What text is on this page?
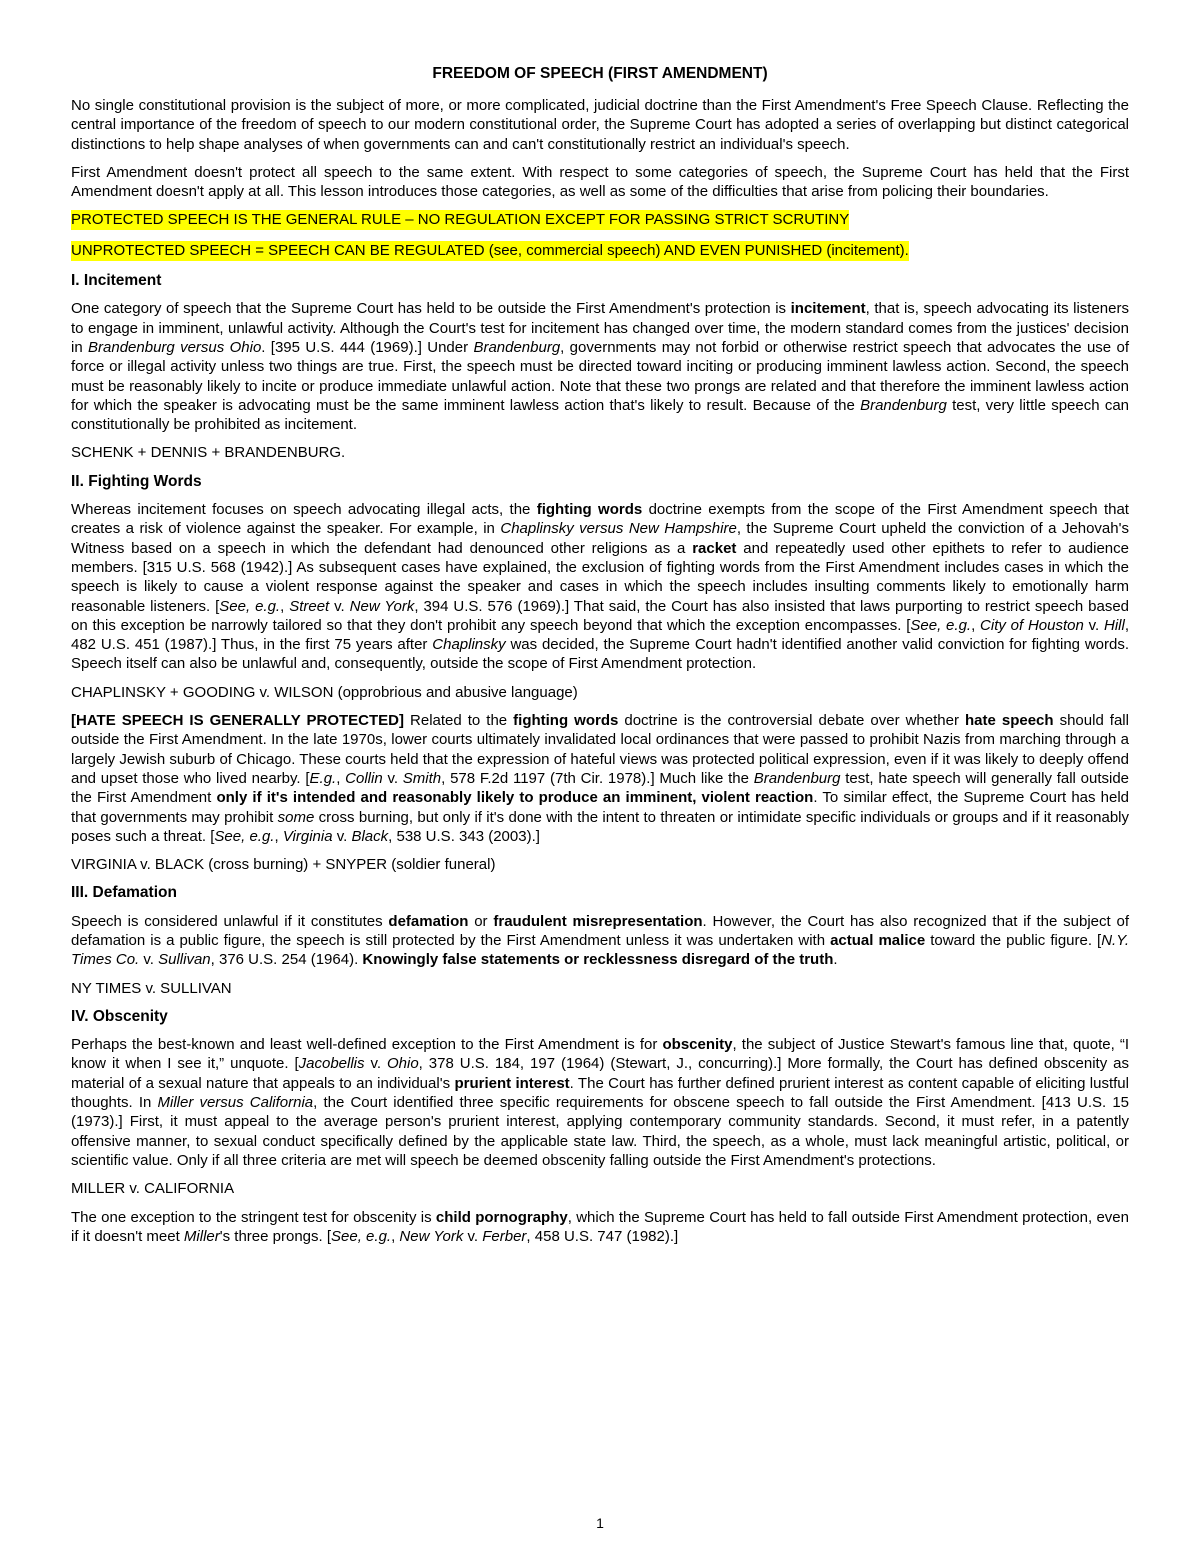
FREEDOM OF SPEECH (FIRST AMENDMENT)
No single constitutional provision is the subject of more, or more complicated, judicial doctrine than the First Amendment's Free Speech Clause. Reflecting the central importance of the freedom of speech to our modern constitutional order, the Supreme Court has adopted a series of overlapping but distinct categorical distinctions to help shape analyses of when governments can and can't constitutionally restrict an individual's speech.
First Amendment doesn't protect all speech to the same extent. With respect to some categories of speech, the Supreme Court has held that the First Amendment doesn't apply at all. This lesson introduces those categories, as well as some of the difficulties that arise from policing their boundaries.
PROTECTED SPEECH IS THE GENERAL RULE – NO REGULATION EXCEPT FOR PASSING STRICT SCRUTINY
UNPROTECTED SPEECH = SPEECH CAN BE REGULATED (see, commercial speech) AND EVEN PUNISHED (incitement).
I. Incitement
One category of speech that the Supreme Court has held to be outside the First Amendment's protection is incitement, that is, speech advocating its listeners to engage in imminent, unlawful activity. Although the Court's test for incitement has changed over time, the modern standard comes from the justices' decision in Brandenburg versus Ohio. [395 U.S. 444 (1969).] Under Brandenburg, governments may not forbid or otherwise restrict speech that advocates the use of force or illegal activity unless two things are true. First, the speech must be directed toward inciting or producing imminent lawless action. Second, the speech must be reasonably likely to incite or produce immediate unlawful action. Note that these two prongs are related and that therefore the imminent lawless action for which the speaker is advocating must be the same imminent lawless action that's likely to result. Because of the Brandenburg test, very little speech can constitutionally be prohibited as incitement.
SCHENK + DENNIS + BRANDENBURG.
II. Fighting Words
Whereas incitement focuses on speech advocating illegal acts, the fighting words doctrine exempts from the scope of the First Amendment speech that creates a risk of violence against the speaker. For example, in Chaplinsky versus New Hampshire, the Supreme Court upheld the conviction of a Jehovah's Witness based on a speech in which the defendant had denounced other religions as a racket and repeatedly used other epithets to refer to audience members. [315 U.S. 568 (1942).] As subsequent cases have explained, the exclusion of fighting words from the First Amendment includes cases in which the speech is likely to cause a violent response against the speaker and cases in which the speech includes insulting comments likely to emotionally harm reasonable listeners. [See, e.g., Street v. New York, 394 U.S. 576 (1969).] That said, the Court has also insisted that laws purporting to restrict speech based on this exception be narrowly tailored so that they don't prohibit any speech beyond that which the exception encompasses. [See, e.g., City of Houston v. Hill, 482 U.S. 451 (1987).] Thus, in the first 75 years after Chaplinsky was decided, the Supreme Court hadn't identified another valid conviction for fighting words. Speech itself can also be unlawful and, consequently, outside the scope of First Amendment protection.
CHAPLINSKY + GOODING v. WILSON (opprobrious and abusive language)
[HATE SPEECH IS GENERALLY PROTECTED] Related to the fighting words doctrine is the controversial debate over whether hate speech should fall outside the First Amendment. In the late 1970s, lower courts ultimately invalidated local ordinances that were passed to prohibit Nazis from marching through a largely Jewish suburb of Chicago. These courts held that the expression of hateful views was protected political expression, even if it was likely to deeply offend and upset those who lived nearby. [E.g., Collin v. Smith, 578 F.2d 1197 (7th Cir. 1978).] Much like the Brandenburg test, hate speech will generally fall outside the First Amendment only if it's intended and reasonably likely to produce an imminent, violent reaction. To similar effect, the Supreme Court has held that governments may prohibit some cross burning, but only if it's done with the intent to threaten or intimidate specific individuals or groups and if it reasonably poses such a threat. [See, e.g., Virginia v. Black, 538 U.S. 343 (2003).]
VIRGINIA v. BLACK (cross burning) + SNYPER (soldier funeral)
III. Defamation
Speech is considered unlawful if it constitutes defamation or fraudulent misrepresentation. However, the Court has also recognized that if the subject of defamation is a public figure, the speech is still protected by the First Amendment unless it was undertaken with actual malice toward the public figure. [N.Y. Times Co. v. Sullivan, 376 U.S. 254 (1964). Knowingly false statements or recklessness disregard of the truth.
NY TIMES v. SULLIVAN
IV. Obscenity
Perhaps the best-known and least well-defined exception to the First Amendment is for obscenity, the subject of Justice Stewart's famous line that, quote, “I know it when I see it,” unquote. [Jacobellis v. Ohio, 378 U.S. 184, 197 (1964) (Stewart, J., concurring).] More formally, the Court has defined obscenity as material of a sexual nature that appeals to an individual's prurient interest. The Court has further defined prurient interest as content capable of eliciting lustful thoughts. In Miller versus California, the Court identified three specific requirements for obscene speech to fall outside the First Amendment. [413 U.S. 15 (1973).] First, it must appeal to the average person's prurient interest, applying contemporary community standards. Second, it must refer, in a patently offensive manner, to sexual conduct specifically defined by the applicable state law. Third, the speech, as a whole, must lack meaningful artistic, political, or scientific value. Only if all three criteria are met will speech be deemed obscenity falling outside the First Amendment's protections.
MILLER v. CALIFORNIA
The one exception to the stringent test for obscenity is child pornography, which the Supreme Court has held to fall outside First Amendment protection, even if it doesn't meet Miller's three prongs. [See, e.g., New York v. Ferber, 458 U.S. 747 (1982).]
1
